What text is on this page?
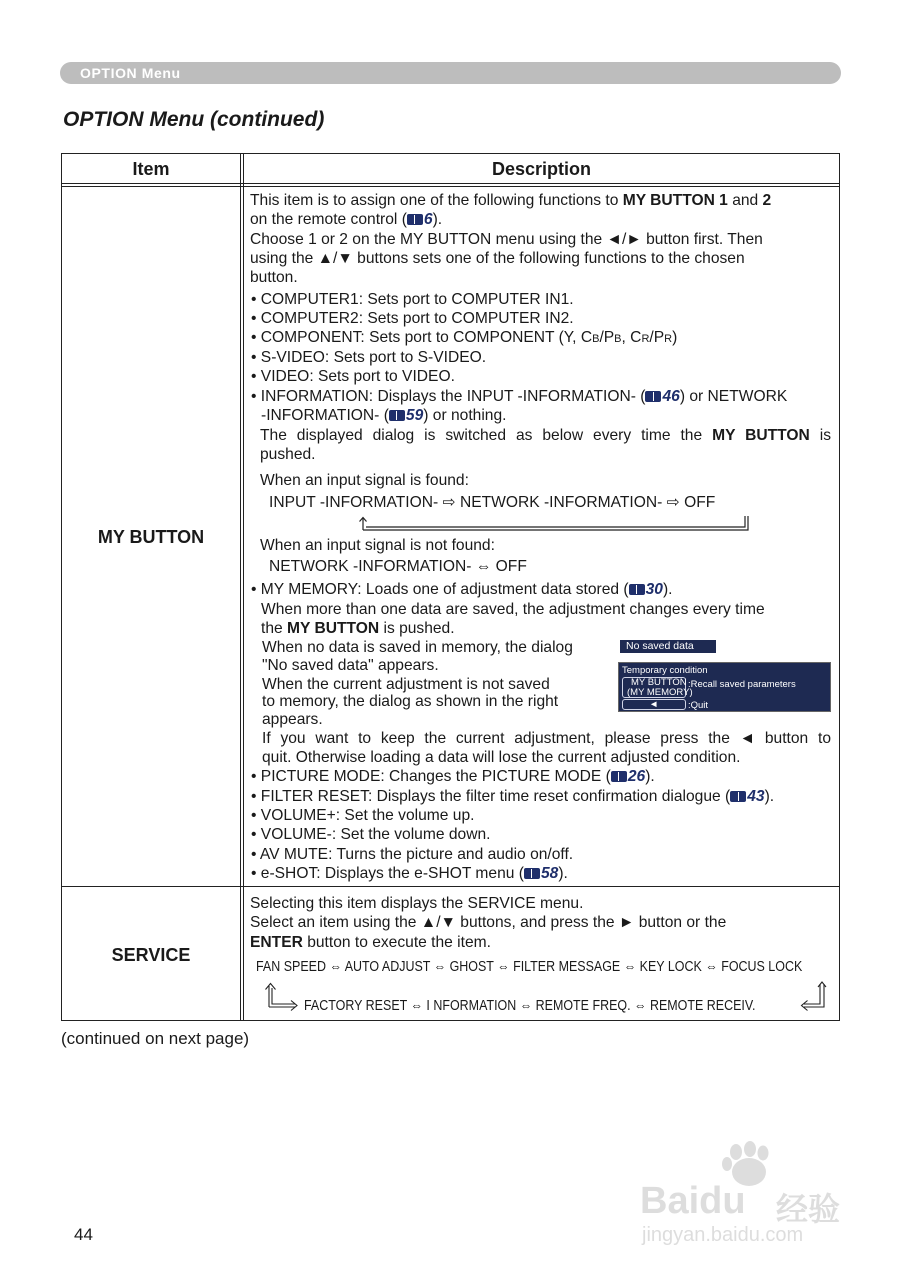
OPTION Menu
OPTION Menu (continued)
Item	Description
MY BUTTON
This item is to assign one of the following functions to MY BUTTON 1 and 2
on the remote control ( 6).
Choose 1 or 2 on the MY BUTTON menu using the ◄/► button first. Then
using the ▲/▼ buttons sets one of the following functions to the chosen
button.
• COMPUTER1: Sets port to COMPUTER IN1.
• COMPUTER2: Sets port to COMPUTER IN2.
• COMPONENT: Sets port to COMPONENT (Y, CB/PB, CR/PR)
• S-VIDEO: Sets port to S-VIDEO.
• VIDEO: Sets port to VIDEO.
• INFORMATION: Displays the INPUT -INFORMATION- ( 46) or NETWORK
-INFORMATION- ( 59) or nothing.
The displayed dialog is switched as below every time the MY BUTTON is
pushed.
When an input signal is found:
INPUT -INFORMATION- ⇨ NETWORK -INFORMATION- ⇨ OFF
When an input signal is not found:
NETWORK -INFORMATION- ⇔ OFF
• MY MEMORY: Loads one of adjustment data stored ( 30).
When more than one data are saved, the adjustment changes every time
the MY BUTTON is pushed.
When no data is saved in memory, the dialog
"No saved data" appears.
When the current adjustment is not saved
to memory, the dialog as shown in the right
appears.
If you want to keep the current adjustment, please press the ◄ button to
quit. Otherwise loading a data will lose the current adjusted condition.
No saved data
Temporary condition
MY BUTTON
(MY MEMORY)
:Recall saved parameters
◄	:Quit
• PICTURE MODE: Changes the PICTURE MODE ( 26).
• FILTER RESET: Displays the filter time reset confirmation dialogue ( 43).
• VOLUME+: Set the volume up.
• VOLUME-: Set the volume down.
• AV MUTE: Turns the picture and audio on/off.
• e-SHOT: Displays the e-SHOT menu ( 58).
SERVICE
Selecting this item displays the SERVICE menu.
Select an item using the ▲/▼ buttons, and press the ► button or the
ENTER button to execute the item.
FAN SPEED ⇔ AUTO ADJUST ⇔ GHOST ⇔ FILTER MESSAGE ⇔ KEY LOCK ⇔ FOCUS LOCK
FACTORY RESET ⇔ I NFORMATION ⇔ REMOTE FREQ. ⇔ REMOTE RECEIV.
(continued on next page)
44
Baidu 经验
jingyan.baidu.com
